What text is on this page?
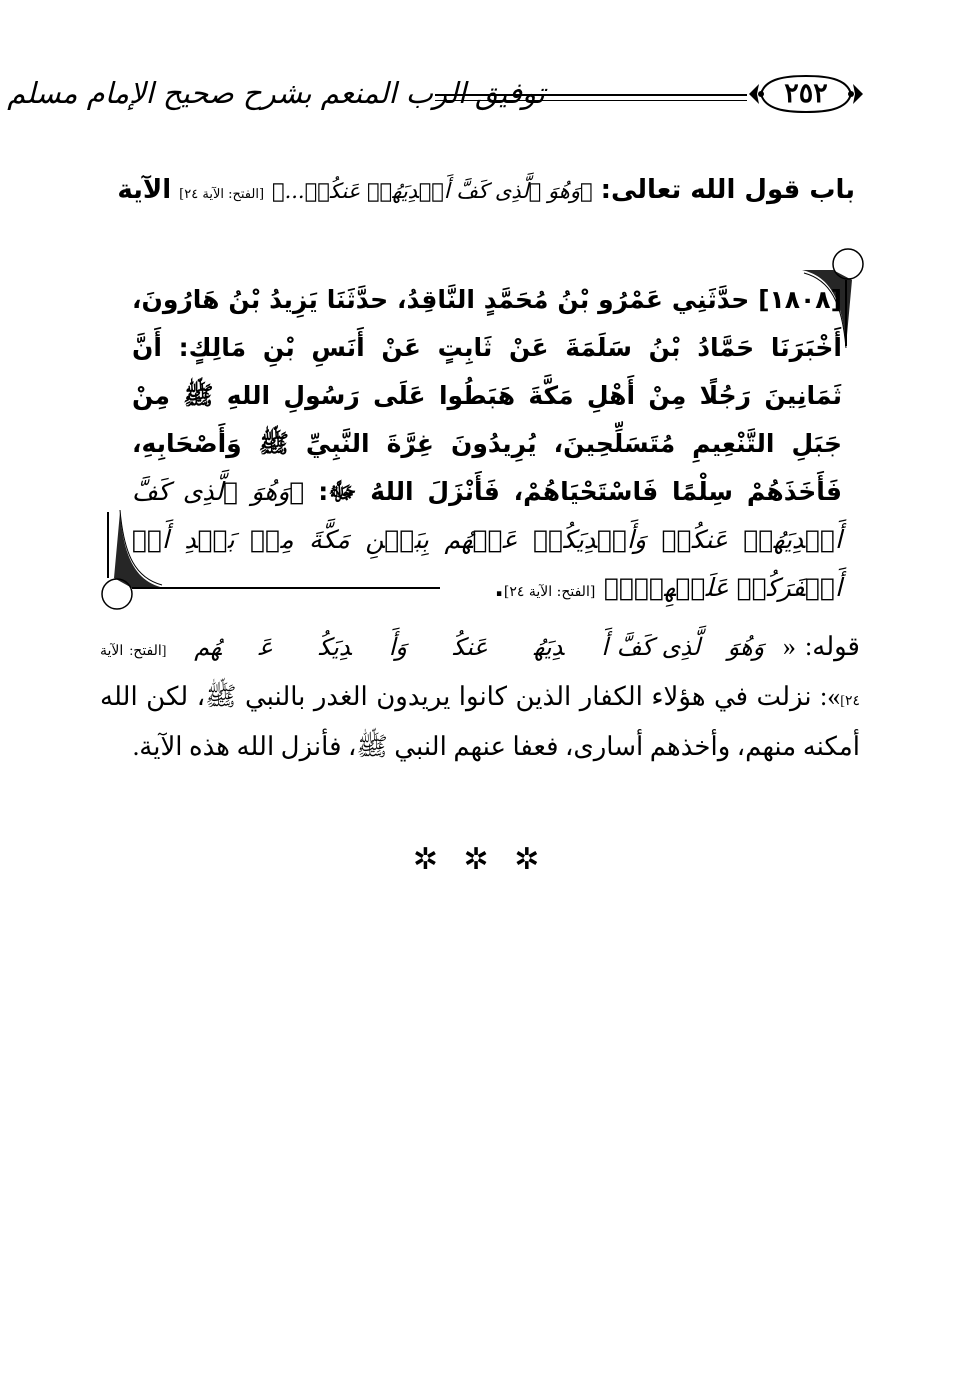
توفيق الرب المنعم بشرح صحيح الإمام مسلم	٢٥٢
باب قول الله تعالى: ﴿وَهُوَ ٱلَّذِى كَفَّ أَيۡدِيَهُمۡ عَنكُمۡ...﴾ [الفتح: الآية ٢٤] الآية
[١٨٠٨] حدَّثَنِي عَمْرُو بْنُ مُحَمَّدٍ النَّاقِدُ، حدَّثَنَا يَزِيدُ بْنُ هَارُونَ، أَخْبَرَنَا حَمَّادُ بْنُ سَلَمَةَ عَنْ ثَابِتٍ عَنْ أَنَسِ بْنِ مَالِكٍ: أَنَّ ثَمَانِينَ رَجُلًا مِنْ أَهْلِ مَكَّةَ هَبَطُوا عَلَى رَسُولِ اللهِ ﷺ مِنْ جَبَلِ التَّنْعِيمِ مُتَسَلِّحِينَ، يُرِيدُونَ غِرَّةَ النَّبِيِّ ﷺ وَأَصْحَابِهِ، فَأَخَذَهُمْ سِلْمًا فَاسْتَحْيَاهُمْ، فَأَنْزَلَ اللهُ ﷻ: ﴿وَهُوَ ٱلَّذِى كَفَّ أَيۡدِيَهُمۡ عَنكُمۡ وَأَيۡدِيَكُمۡ عَنۡهُم بِبَطۡنِ مَكَّةَ مِنۢ بَعۡدِ أَنۡ أَظۡفَرَكُمۡ عَلَيۡهِمۡۚ﴾ [الفتح: الآية ٢٤].
قوله: «﴿وَهُوَ ٱلَّذِى كَفَّ أَيۡدِيَهُمۡ عَنكُمۡ وَأَيۡدِيَكُمۡ عَنۡهُم﴾ [الفتح: الآية ٢٤]»: نزلت في هؤلاء الكفار الذين كانوا يريدون الغدر بالنبي ﷺ، لكن الله أمكنه منهم، وأخذهم أسارى، فعفا عنهم النبي ﷺ، فأنزل الله هذه الآية.
✲ ✲ ✲
